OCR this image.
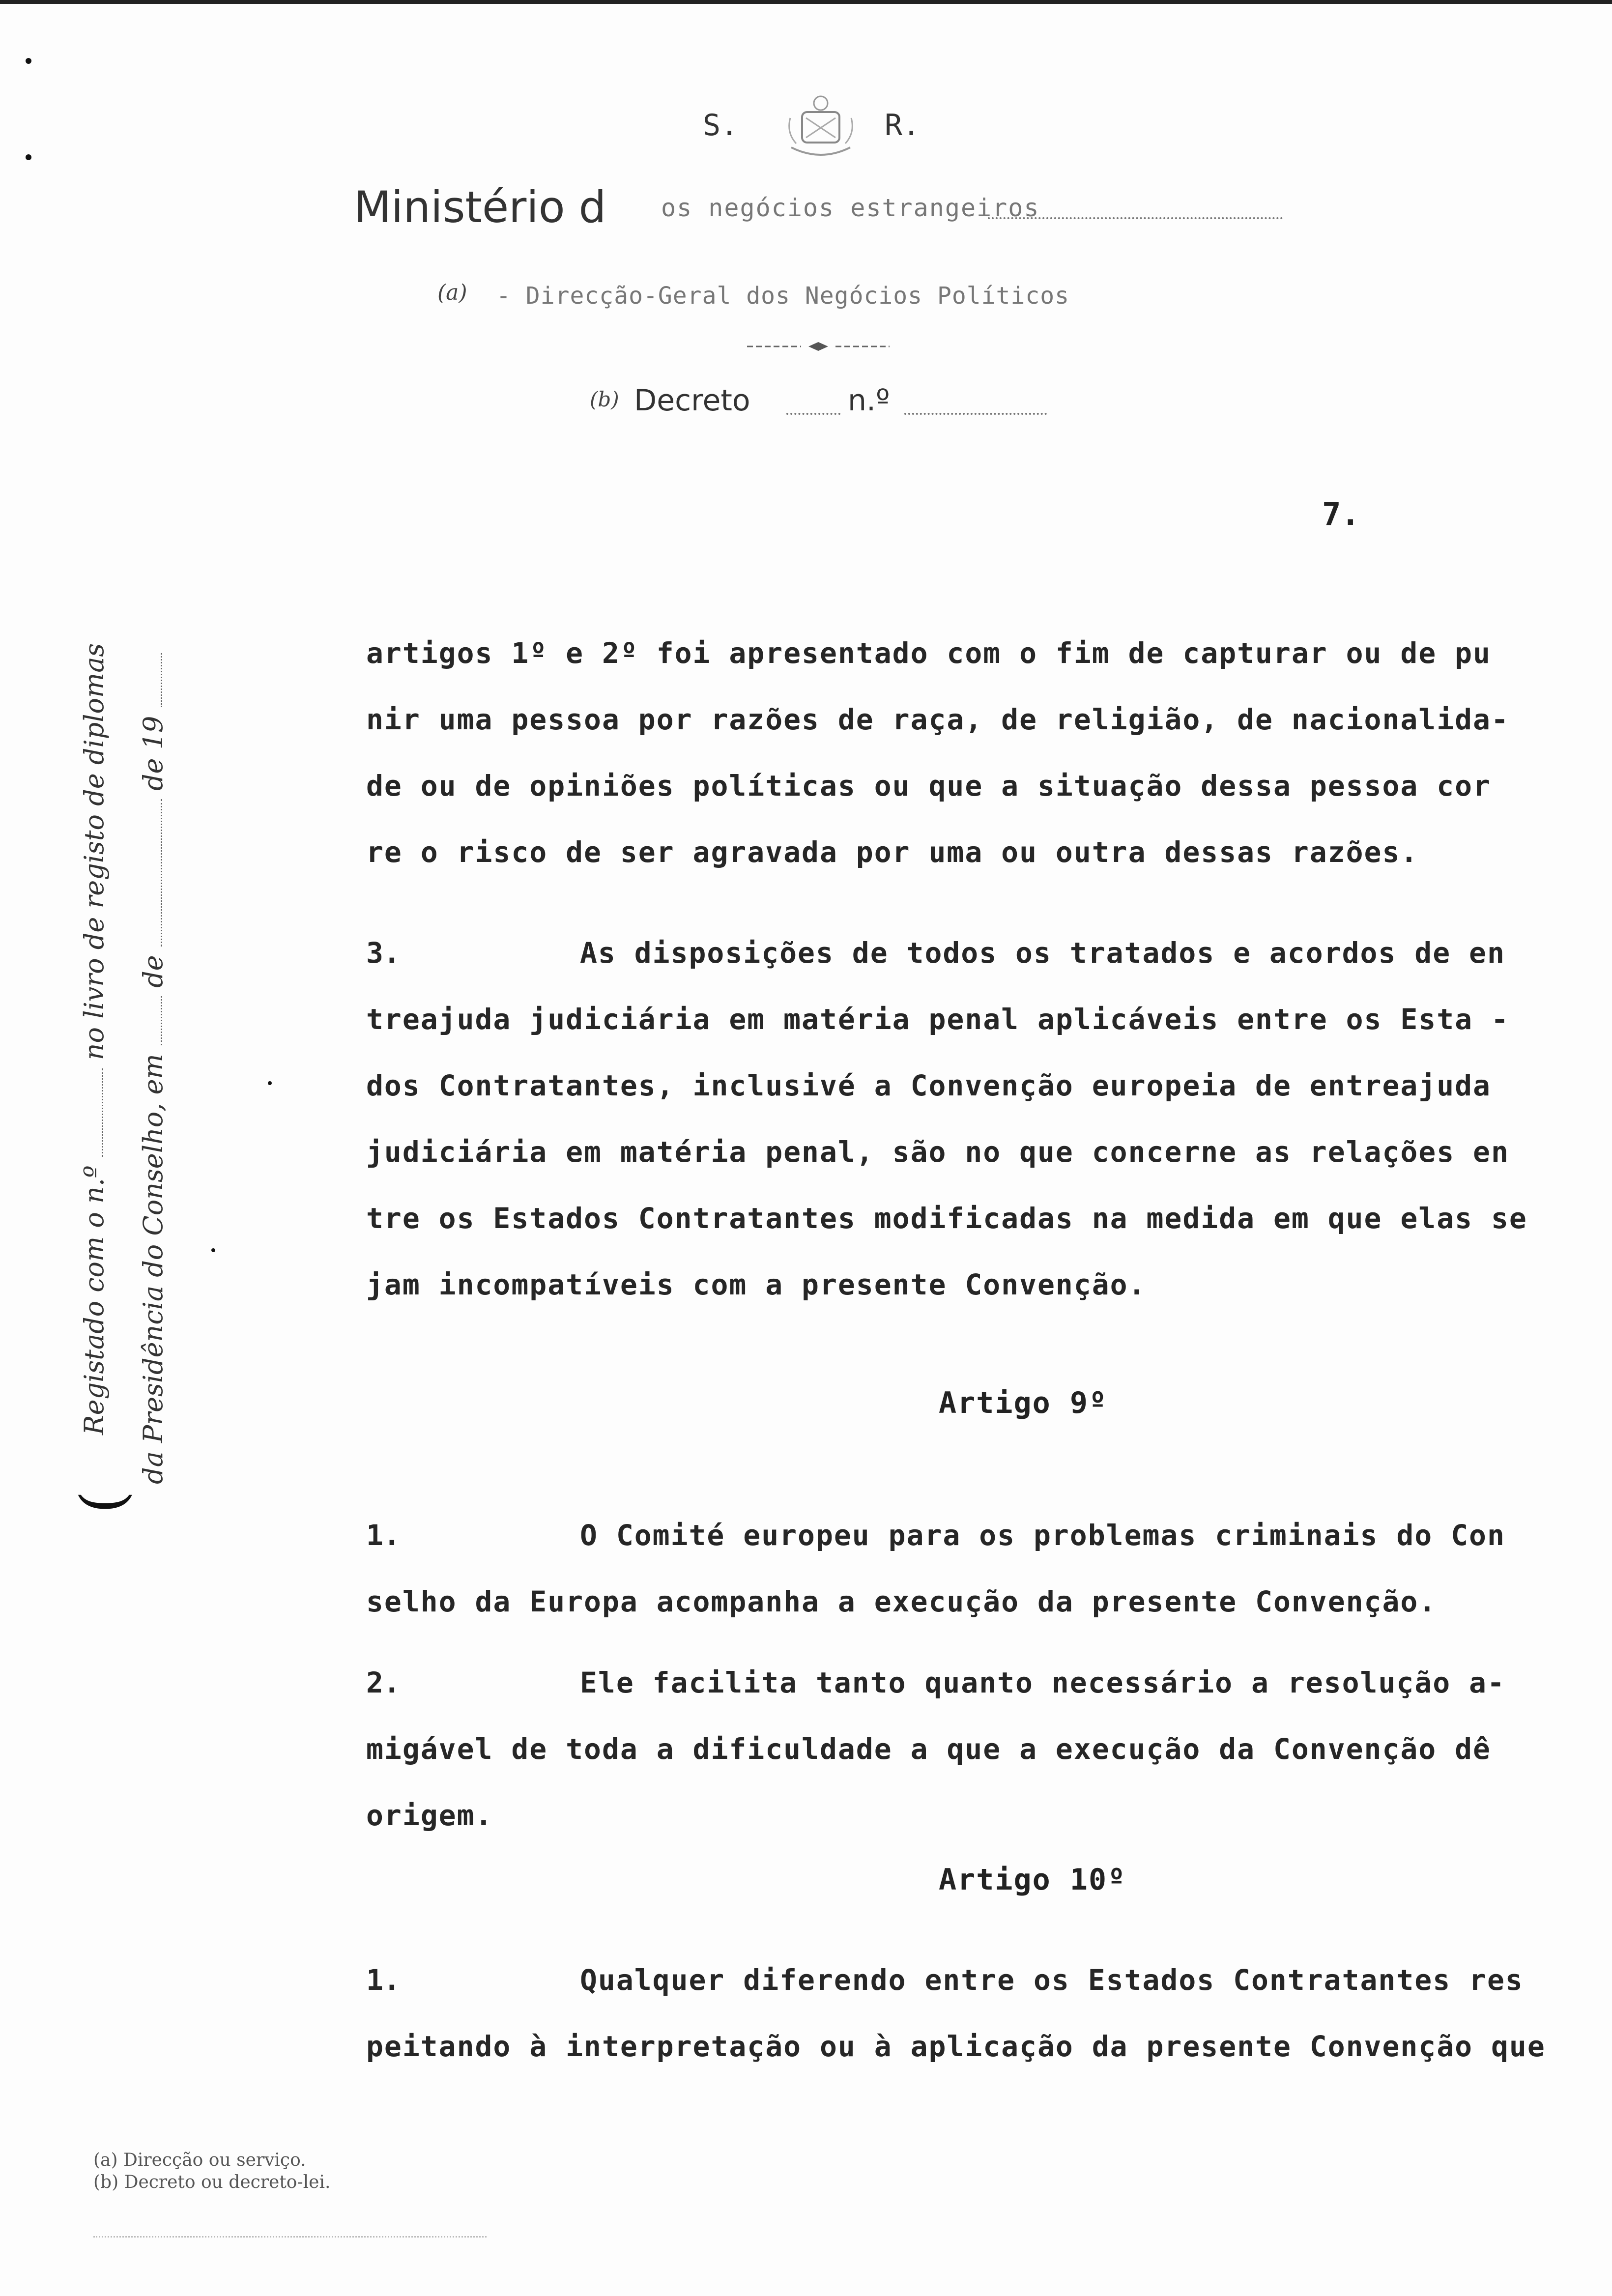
S.	R.
Ministério d os negócios estrangeiros
(a) - Direcção-Geral dos Negócios Políticos
(b) Decreto	n.º
7.
(
Registado com o n.º  no livro de registo de diplomas
da Presidência do Conselho, em  de  de 19
artigos 1º e 2º foi apresentado com o fim de capturar ou de pu
nir uma pessoa por razões de raça, de religião, de nacionalida-
de ou de opiniões políticas ou que a situação dessa pessoa cor
re o risco de ser agravada por uma ou outra dessas razões.
3.	As disposições de todos os tratados e acordos de en
treajuda judiciária em matéria penal aplicáveis entre os Esta -
dos Contratantes, inclusivé a Convenção europeia de entreajuda
judiciária em matéria penal, são no que concerne as relações en
tre os Estados Contratantes modificadas na medida em que elas se
jam incompatíveis com a presente Convenção.
Artigo 9º
1.	O Comité europeu para os problemas criminais do Con
selho da Europa acompanha a execução da presente Convenção.
2.	Ele facilita tanto quanto necessário a resolução a-
migável de toda a dificuldade a que a execução da Convenção dê
origem.
Artigo 10º
1.	Qualquer diferendo entre os Estados Contratantes res
peitando à interpretação ou à aplicação da presente Convenção que
(a) Direcção ou serviço.
(b) Decreto ou decreto-lei.
